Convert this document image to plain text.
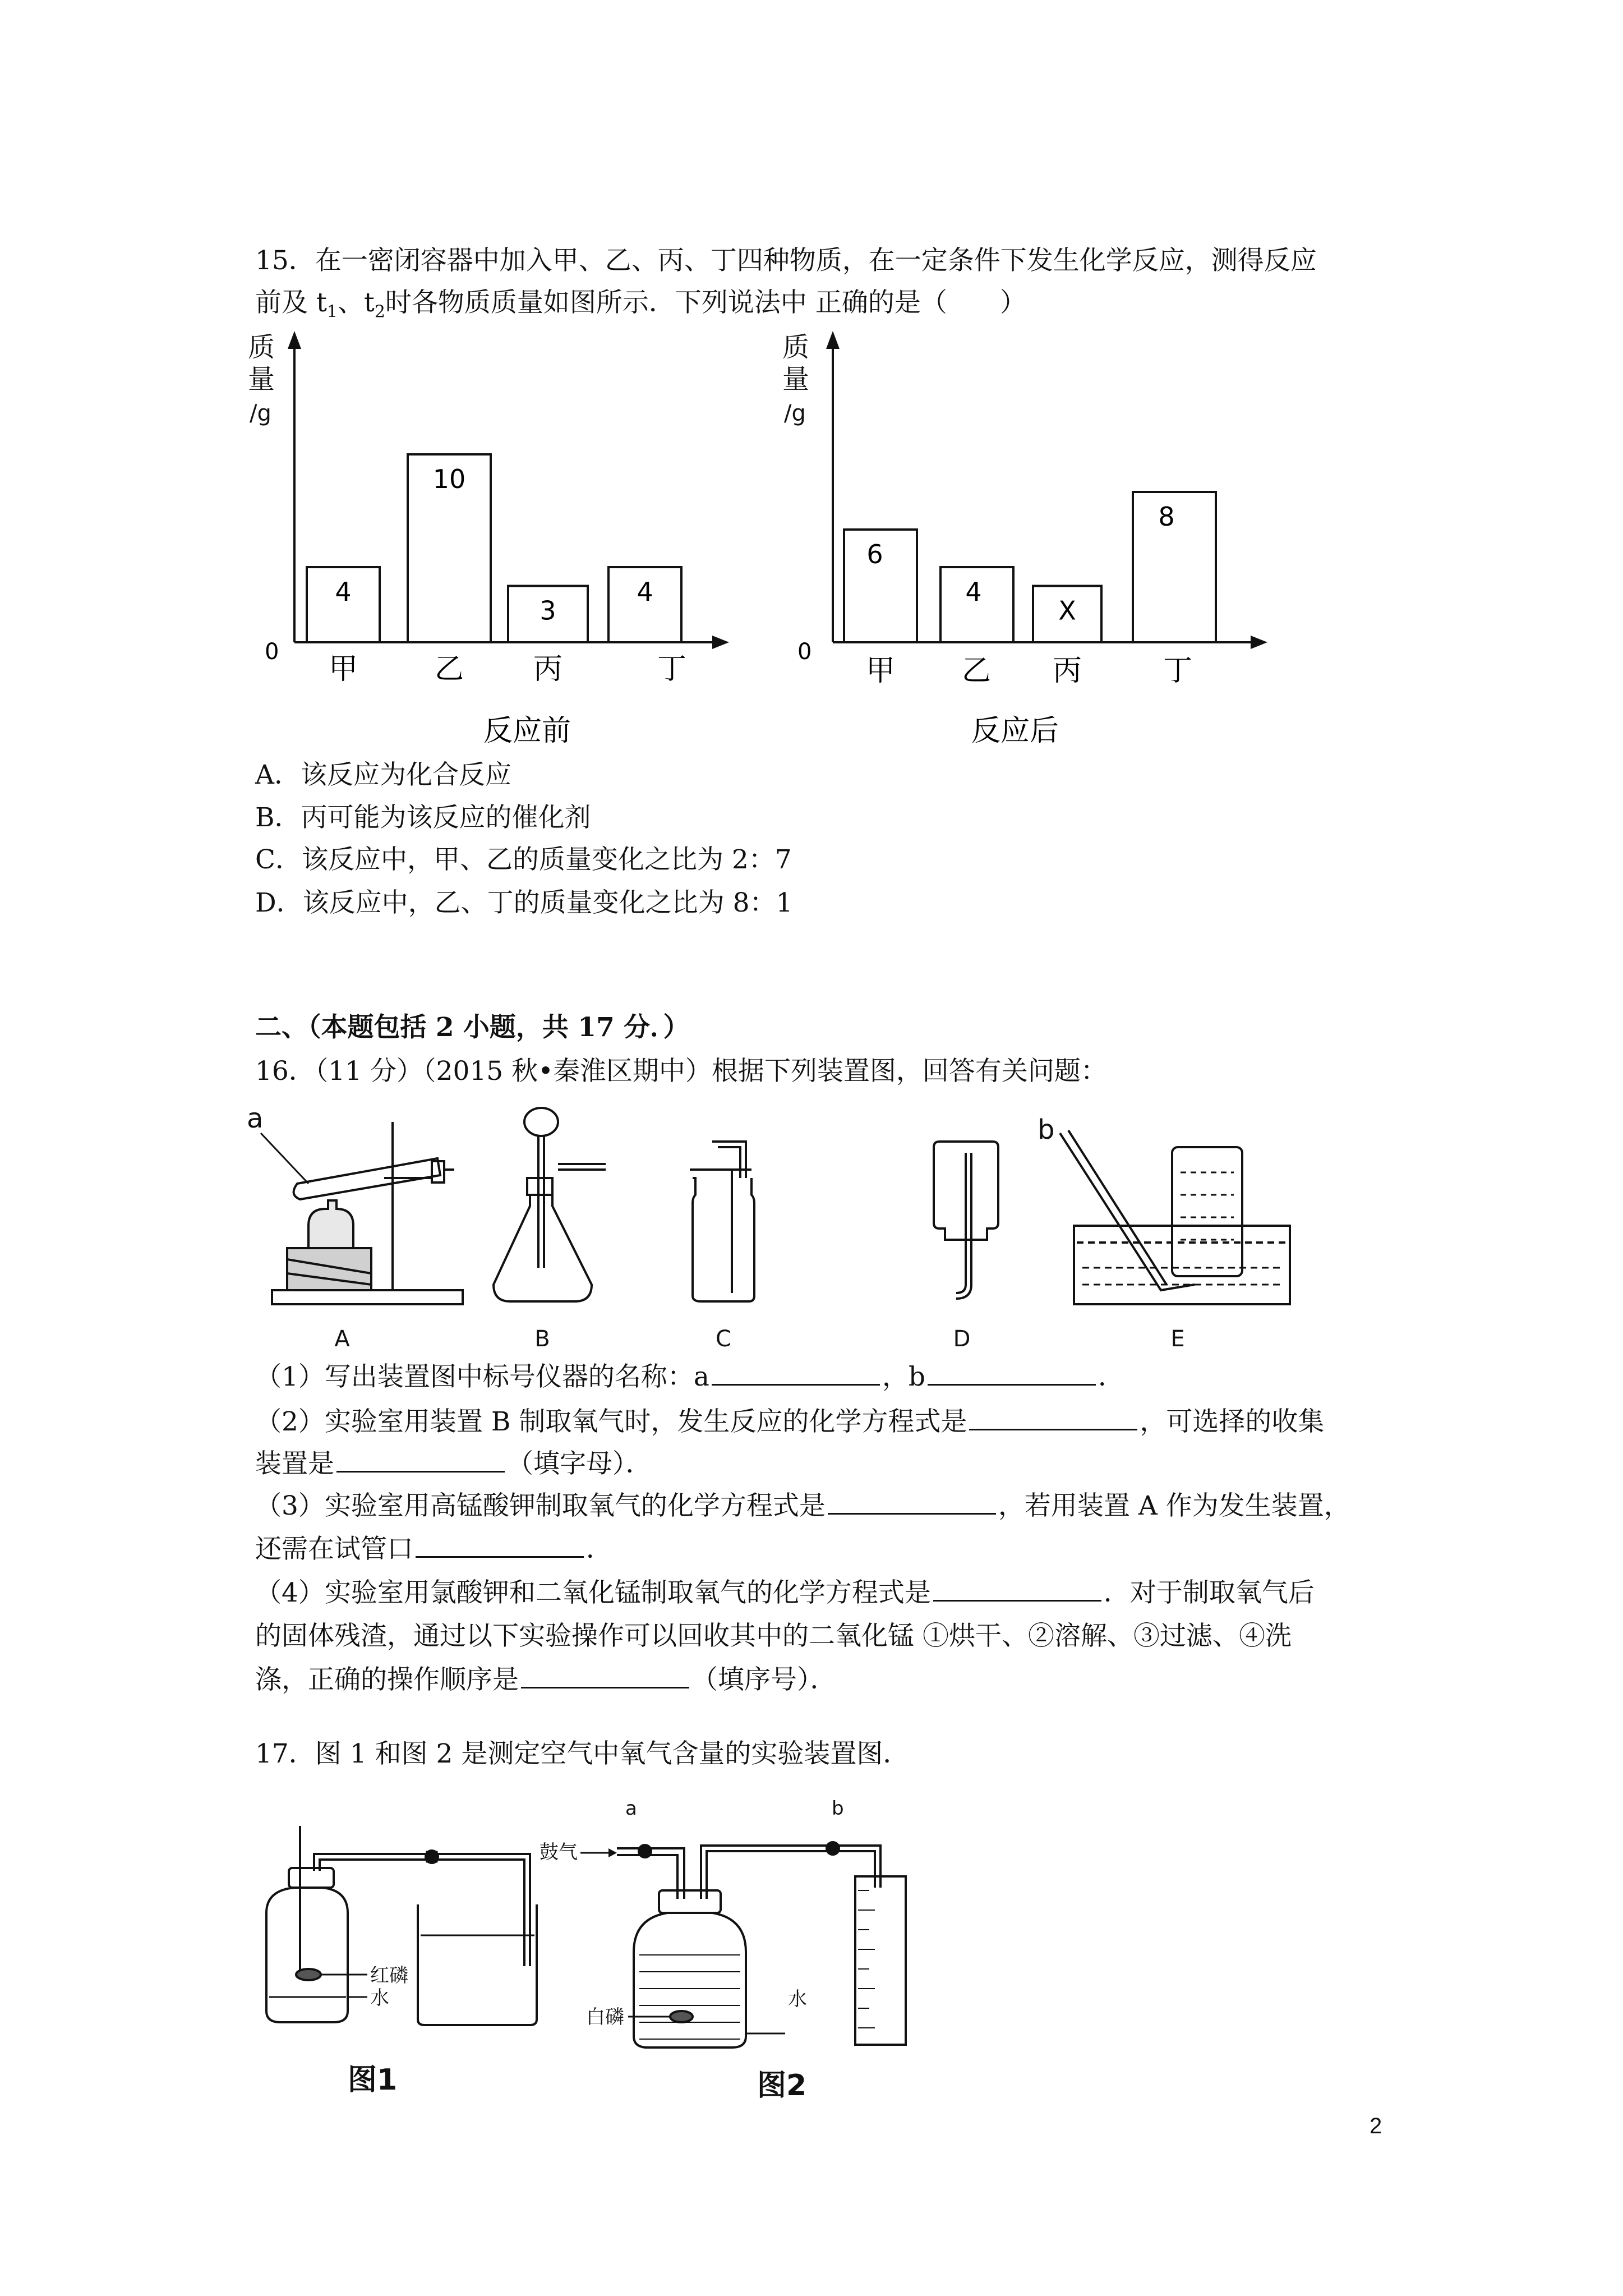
15．在一密闭容器中加入甲、乙、丙、丁四种物质，在一定条件下发生化学反应，测得反应
前及 $t_1$、$t_2$时各物质质量如图所示．下列说法中 正确的是（　　）
质
量
/g
0
4
10
3
4
甲	乙 丙	丁
反应前
质
量
/g
0
6
4
X
8
甲 乙 丙	丁
反应后
A．该反应为化合反应
B．丙可能为该反应的催化剂
C．该反应中，甲、乙的质量变化之比为 2：7
D．该反应中，乙、丁的质量变化之比为 8：1
二、（本题包括 2 小题，共 17 分．）
16．（11 分）（2015 秋•秦淮区期中）根据下列装置图，回答有关问题：
a	b
A	B	C	D	E
（1）写出装置图中标号仪器的名称：a	，b	．
（2）实验室用装置 B 制取氧气时，发生反应的化学方程式是	，可选择的收集
装置是	（填字母）．
（3）实验室用高锰酸钾制取氧气的化学方程式是	，若用装置 A 作为发生装置，
还需在试管口	．
（4）实验室用氯酸钾和二氧化锰制取氧气的化学方程式是	．对于制取氧气后
的固体残渣，通过以下实验操作可以回收其中的二氧化锰 ①烘干、②溶解、③过滤、④洗
涤，正确的操作顺序是	（填序号）．
17．图 1 和图 2 是测定空气中氧气含量的实验装置图．
红磷
水
图1
a	b
鼓气
白磷
水
图2
2
